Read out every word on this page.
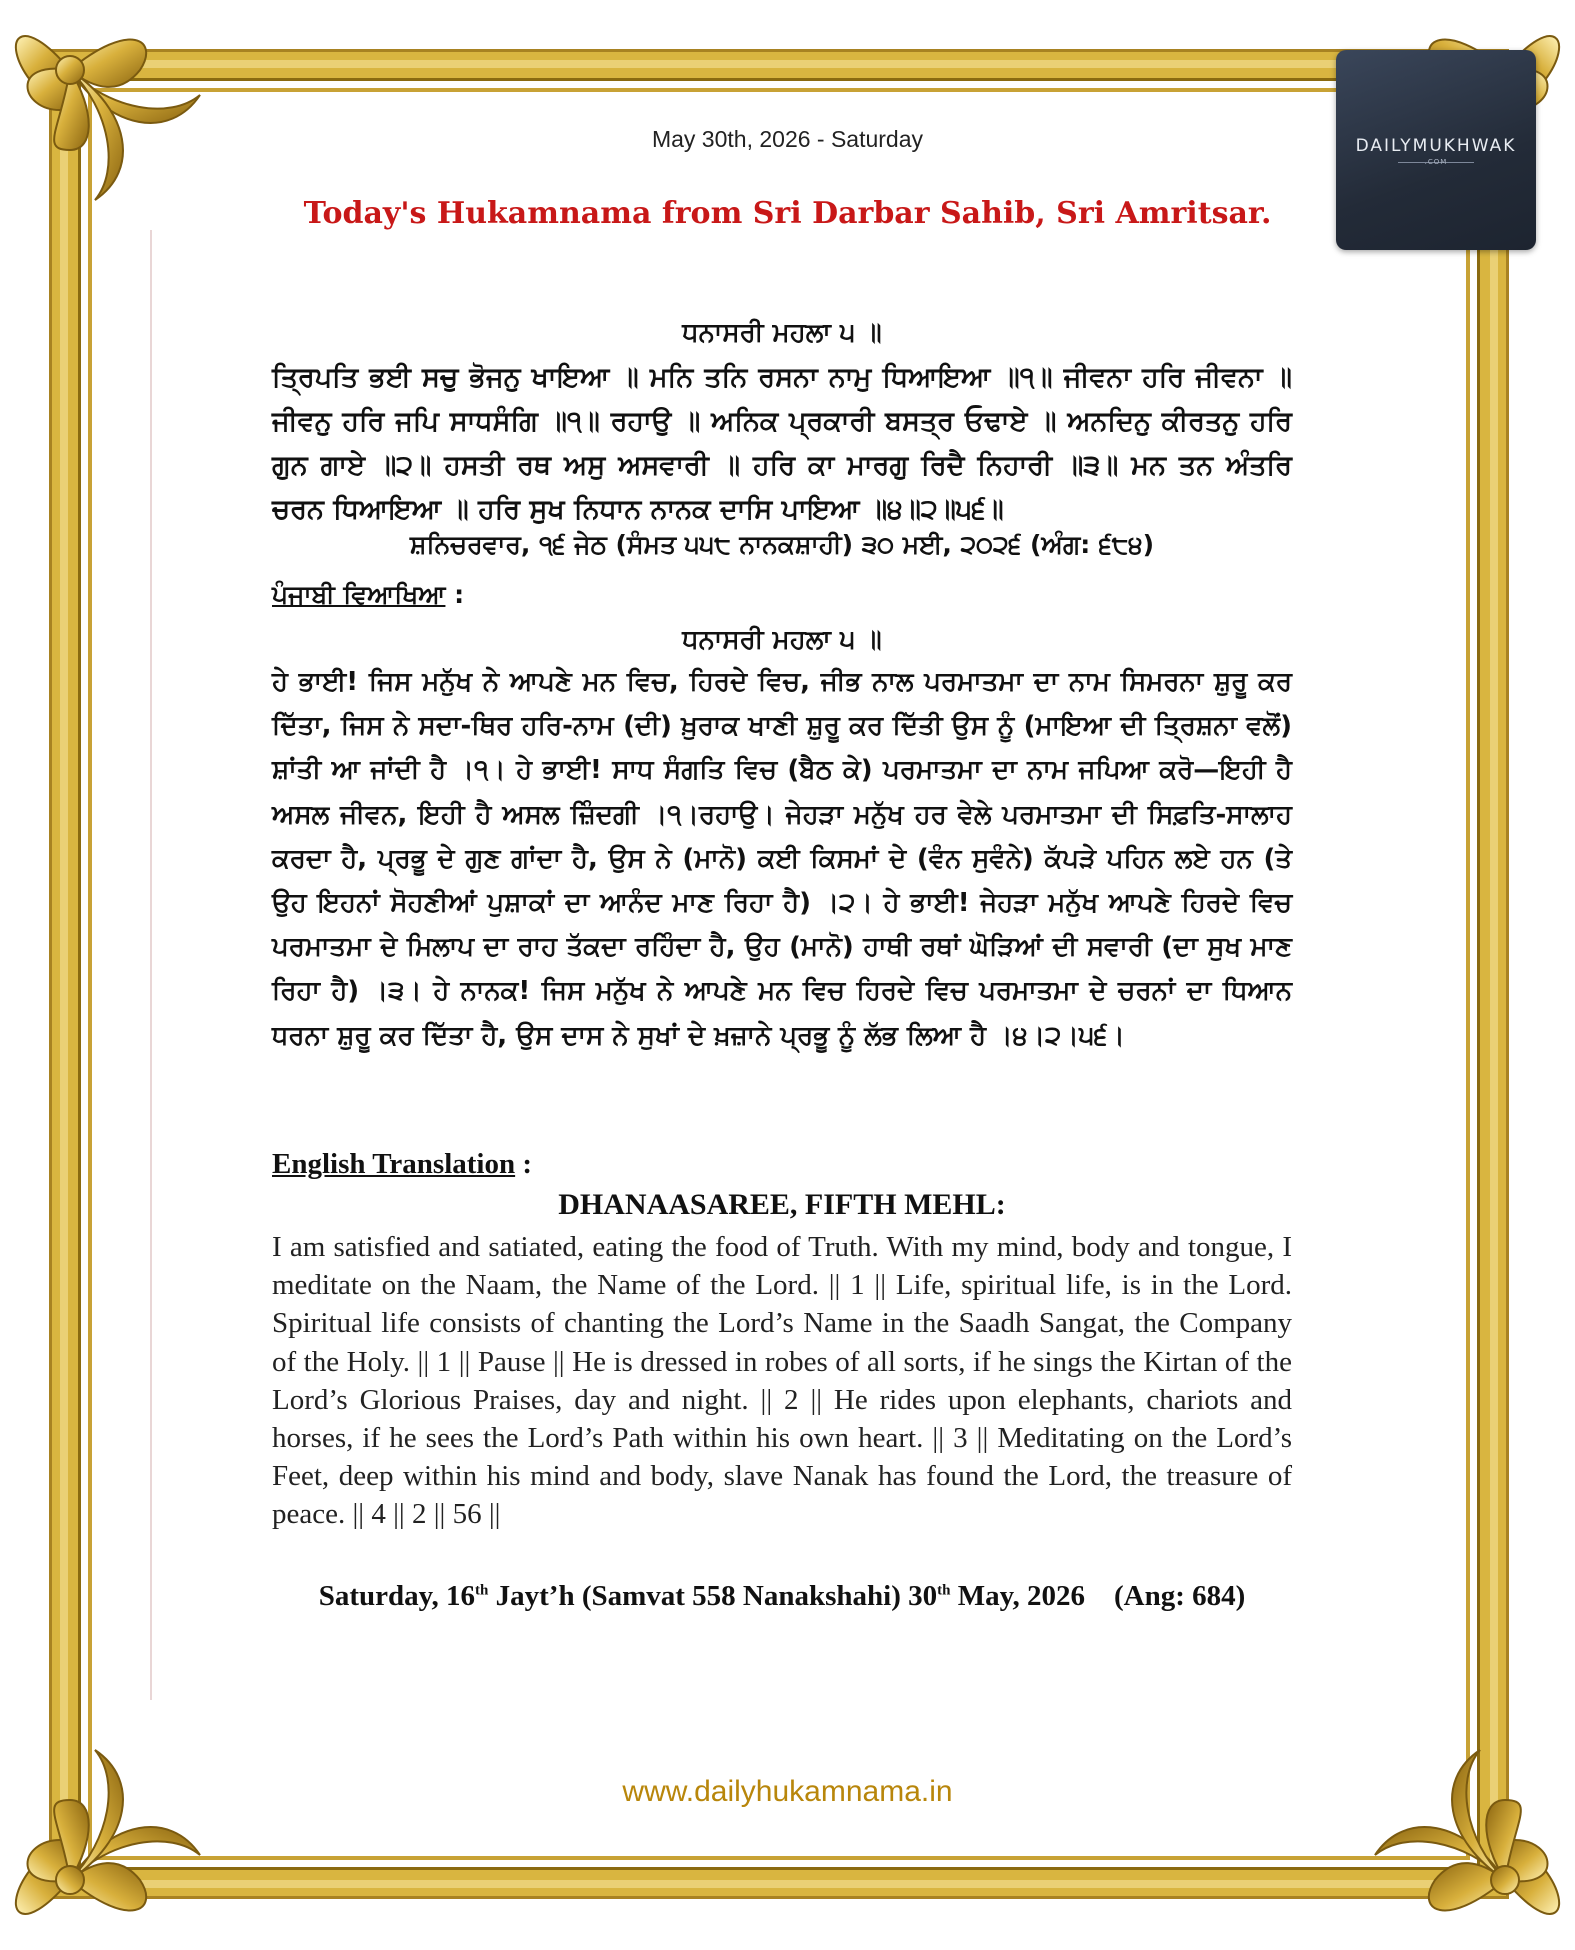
DAILYMUKHWAK
.COM
May 30th, 2026 - Saturday
Today's Hukamnama from Sri Darbar Sahib, Sri Amritsar.
ਧਨਾਸਰੀ ਮਹਲਾ ੫ ॥
ਤ੍ਰਿਪਤਿ ਭਈ ਸਚੁ ਭੋਜਨੁ ਖਾਇਆ ॥ ਮਨਿ ਤਨਿ ਰਸਨਾ ਨਾਮੁ ਧਿਆਇਆ ॥੧॥ ਜੀਵਨਾ ਹਰਿ ਜੀਵਨਾ ॥ ਜੀਵਨੁ ਹਰਿ ਜਪਿ ਸਾਧਸੰਗਿ ॥੧॥ ਰਹਾਉ ॥ ਅਨਿਕ ਪ੍ਰਕਾਰੀ ਬਸਤ੍ਰ ਓਢਾਏ ॥ ਅਨਦਿਨੁ ਕੀਰਤਨੁ ਹਰਿ ਗੁਨ ਗਾਏ ॥੨॥ ਹਸਤੀ ਰਥ ਅਸੁ ਅਸਵਾਰੀ ॥ ਹਰਿ ਕਾ ਮਾਰਗੁ ਰਿਦੈ ਨਿਹਾਰੀ ॥੩॥ ਮਨ ਤਨ ਅੰਤਰਿ ਚਰਨ ਧਿਆਇਆ ॥ ਹਰਿ ਸੁਖ ਨਿਧਾਨ ਨਾਨਕ ਦਾਸਿ ਪਾਇਆ ॥੪॥੨॥੫੬॥
ਸ਼ਨਿਚਰਵਾਰ, ੧੬ ਜੇਠ (ਸੰਮਤ ੫੫੮ ਨਾਨਕਸ਼ਾਹੀ) ੩੦ ਮਈ, ੨੦੨੬ (ਅੰਗ: ੬੮੪)
ਪੰਜਾਬੀ ਵਿਆਖਿਆ :
ਧਨਾਸਰੀ ਮਹਲਾ ੫ ॥
ਹੇ ਭਾਈ! ਜਿਸ ਮਨੁੱਖ ਨੇ ਆਪਣੇ ਮਨ ਵਿਚ, ਹਿਰਦੇ ਵਿਚ, ਜੀਭ ਨਾਲ ਪਰਮਾਤਮਾ ਦਾ ਨਾਮ ਸਿਮਰਨਾ ਸ਼ੁਰੂ ਕਰ ਦਿੱਤਾ, ਜਿਸ ਨੇ ਸਦਾ-ਥਿਰ ਹਰਿ-ਨਾਮ (ਦੀ) ਖ਼ੁਰਾਕ ਖਾਣੀ ਸ਼ੁਰੂ ਕਰ ਦਿੱਤੀ ਉਸ ਨੂੰ (ਮਾਇਆ ਦੀ ਤ੍ਰਿਸ਼ਨਾ ਵਲੋਂ) ਸ਼ਾਂਤੀ ਆ ਜਾਂਦੀ ਹੈ ।੧। ਹੇ ਭਾਈ! ਸਾਧ ਸੰਗਤਿ ਵਿਚ (ਬੈਠ ਕੇ) ਪਰਮਾਤਮਾ ਦਾ ਨਾਮ ਜਪਿਆ ਕਰੋ—ਇਹੀ ਹੈ ਅਸਲ ਜੀਵਨ, ਇਹੀ ਹੈ ਅਸਲ ਜ਼ਿੰਦਗੀ ।੧।ਰਹਾਉ। ਜੇਹੜਾ ਮਨੁੱਖ ਹਰ ਵੇਲੇ ਪਰਮਾਤਮਾ ਦੀ ਸਿਫ਼ਤਿ-ਸਾਲਾਹ ਕਰਦਾ ਹੈ, ਪ੍ਰਭੂ ਦੇ ਗੁਣ ਗਾਂਦਾ ਹੈ, ਉਸ ਨੇ (ਮਾਨੋ) ਕਈ ਕਿਸਮਾਂ ਦੇ (ਵੰਨ ਸੁਵੰਨੇ) ਕੱਪੜੇ ਪਹਿਨ ਲਏ ਹਨ (ਤੇ ਉਹ ਇਹਨਾਂ ਸੋਹਣੀਆਂ ਪੁਸ਼ਾਕਾਂ ਦਾ ਆਨੰਦ ਮਾਣ ਰਿਹਾ ਹੈ) ।੨। ਹੇ ਭਾਈ! ਜੇਹੜਾ ਮਨੁੱਖ ਆਪਣੇ ਹਿਰਦੇ ਵਿਚ ਪਰਮਾਤਮਾ ਦੇ ਮਿਲਾਪ ਦਾ ਰਾਹ ਤੱਕਦਾ ਰਹਿੰਦਾ ਹੈ, ਉਹ (ਮਾਨੋ) ਹਾਥੀ ਰਥਾਂ ਘੋੜਿਆਂ ਦੀ ਸਵਾਰੀ (ਦਾ ਸੁਖ ਮਾਣ ਰਿਹਾ ਹੈ) ।੩। ਹੇ ਨਾਨਕ! ਜਿਸ ਮਨੁੱਖ ਨੇ ਆਪਣੇ ਮਨ ਵਿਚ ਹਿਰਦੇ ਵਿਚ ਪਰਮਾਤਮਾ ਦੇ ਚਰਨਾਂ ਦਾ ਧਿਆਨ ਧਰਨਾ ਸ਼ੁਰੂ ਕਰ ਦਿੱਤਾ ਹੈ, ਉਸ ਦਾਸ ਨੇ ਸੁਖਾਂ ਦੇ ਖ਼ਜ਼ਾਨੇ ਪ੍ਰਭੂ ਨੂੰ ਲੱਭ ਲਿਆ ਹੈ ।੪।੨।੫੬।
English Translation :
DHANAASAREE, FIFTH MEHL:
I am satisfied and satiated, eating the food of Truth. With my mind, body and tongue, I meditate on the Naam, the Name of the Lord. || 1 || Life, spiritual life, is in the Lord. Spiritual life consists of chanting the Lord’s Name in the Saadh Sangat, the Company of the Holy. || 1 || Pause || He is dressed in robes of all sorts, if he sings the Kirtan of the Lord’s Glorious Praises, day and night. || 2 || He rides upon elephants, chariots and horses, if he sees the Lord’s Path within his own heart. || 3 || Meditating on the Lord’s Feet, deep within his mind and body, slave Nanak has found the Lord, the treasure of peace. || 4 || 2 || 56 ||
Saturday, 16th Jayt’h (Samvat 558 Nanakshahi) 30th May, 2026    (Ang: 684)
www.dailyhukamnama.in
